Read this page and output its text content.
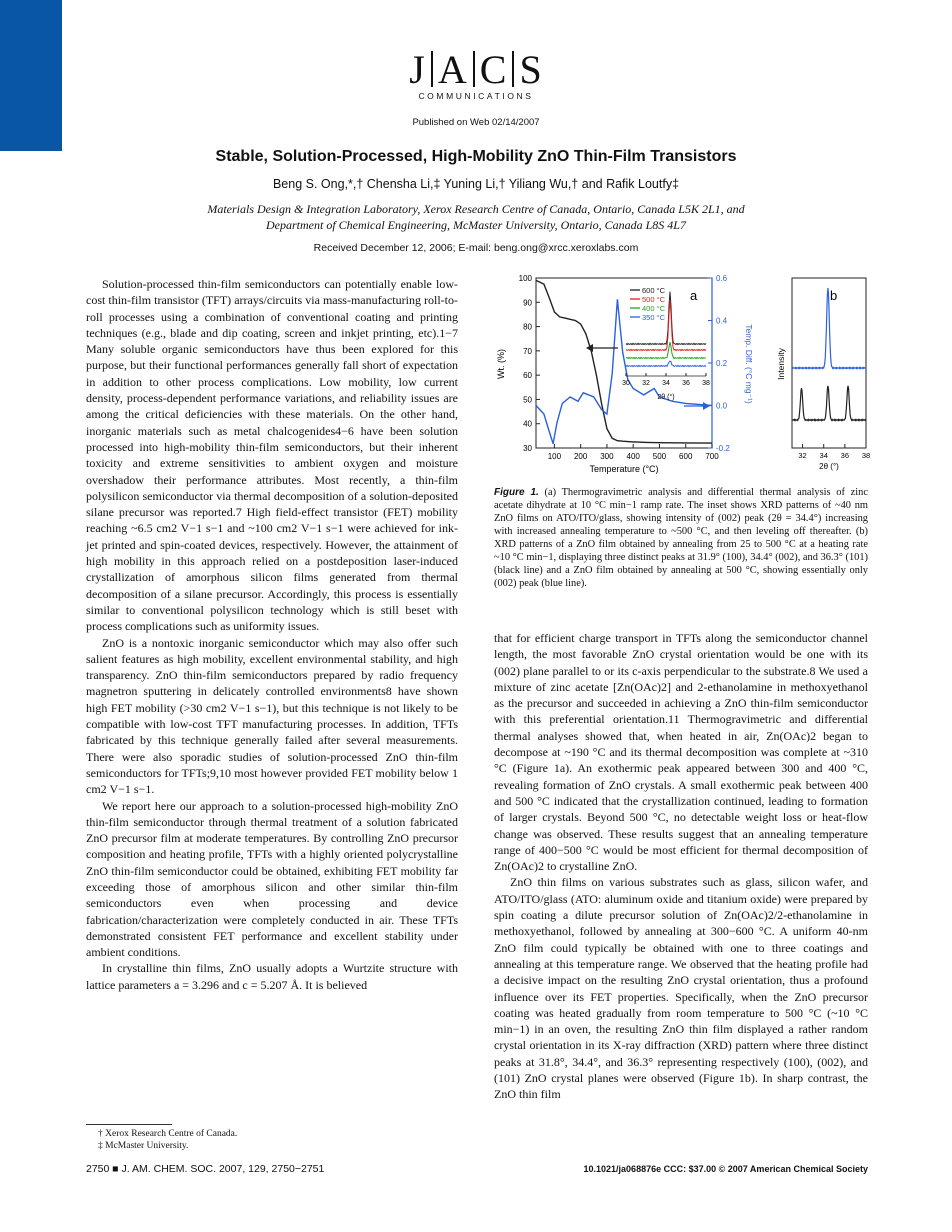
J A C S
COMMUNICATIONS
Published on Web 02/14/2007
Stable, Solution-Processed, High-Mobility ZnO Thin-Film Transistors
Beng S. Ong,*,† Chensha Li,‡ Yuning Li,† Yiliang Wu,† and Rafik Loutfy‡
Materials Design & Integration Laboratory, Xerox Research Centre of Canada, Ontario, Canada L5K 2L1, and
Department of Chemical Engineering, McMaster University, Ontario, Canada L8S 4L7
Received December 12, 2006; E-mail: beng.ong@xrcc.xeroxlabs.com

Solution-processed thin-film semiconductors can potentially enable low-cost thin-film transistor (TFT) arrays/circuits via mass-manufacturing roll-to-roll processes using a combination of conventional coating and printing techniques (e.g., blade and dip coating, screen and inkjet printing, etc).1−7 Many soluble organic semiconductors have thus been explored for this purpose, but their functional performances generally fall short of expectation in addition to other process complications. Low mobility, low current density, process-dependent performance variations, and reliability issues are among the critical deficiencies with these materials. On the other hand, inorganic materials such as metal chalcogenides4−6 have been solution processed into high-mobility thin-film semiconductors, but their inherent toxicity and extreme sensitivities to ambient oxygen and moisture overshadow their performance attributes. Most recently, a thin-film polysilicon semiconductor via thermal decomposition of a solution-deposited silane precursor was reported.7 High field-effect transistor (FET) mobility reaching ~6.5 cm2 V−1 s−1 and ~100 cm2 V−1 s−1 were achieved for ink-jet printed and spin-coated devices, respectively. However, the attainment of high mobility in this approach relied on a postdeposition laser-induced crystallization of amorphous silicon films generated from thermal decomposition of a silane precursor. Accordingly, this process is essentially similar to conventional polysilicon technology which is still beset with process complications such as uniformity issues.

ZnO is a nontoxic inorganic semiconductor which may also offer such salient features as high mobility, excellent environmental stability, and high transparency. ZnO thin-film semiconductors prepared by radio frequency magnetron sputtering in delicately controlled environments8 have shown high FET mobility (>30 cm2 V−1 s−1), but this technique is not likely to be compatible with low-cost TFT manufacturing processes. In addition, TFTs fabricated by this technique generally failed after several measurements. There were also sporadic studies of solution-processed ZnO thin-film semiconductors for TFTs;9,10 most however provided FET mobility below 1 cm2 V−1 s−1.

We report here our approach to a solution-processed high-mobility ZnO thin-film semiconductor through thermal treatment of a solution fabricated ZnO precursor film at moderate temperatures. By controlling ZnO precursor composition and heating profile, TFTs with a highly oriented polycrystalline ZnO thin-film semiconductor could be obtained, exhibiting FET mobility far exceeding those of amorphous silicon and other similar thin-film semiconductors even when processing and device fabrication/characterization were completely conducted in air. These TFTs demonstrated consistent FET performance and excellent stability under ambient conditions.

In crystalline thin films, ZnO usually adopts a Wurtzite structure with lattice parameters a = 3.296 and c = 5.207 Å. It is believed

a
Wt. (%)	Temp. Diff. (°C mg⁻¹)
Temperature (°C)
100
90
80
70
60
50
40
30
0.6
0.4
0.2
0.0
-0.2
100 200 300 400 500 600 700
30 32 34 36 38
2θ (°)
600 °C
500 °C
400 °C
350 °C
b
Intensity
2θ (°)
32 34 36 38
Figure 1. (a) Thermogravimetric analysis and differential thermal analysis of zinc acetate dihydrate at 10 °C min−1 ramp rate. The inset shows XRD patterns of ~40 nm ZnO films on ATO/ITO/glass, showing intensity of (002) peak (2θ = 34.4°) increasing with increased annealing temperature to ~500 °C, and then leveling off thereafter. (b) XRD patterns of a ZnO film obtained by annealing from 25 to 500 °C at a heating rate ~10 °C min−1, displaying three distinct peaks at 31.9° (100), 34.4° (002), and 36.3° (101) (black line) and a ZnO film obtained by annealing at 500 °C, showing essentially only (002) peak (blue line).

that for efficient charge transport in TFTs along the semiconductor channel length, the most favorable ZnO crystal orientation would be one with its (002) plane parallel to or its c-axis perpendicular to the substrate.8 We used a mixture of zinc acetate [Zn(OAc)2] and 2-ethanolamine in methoxyethanol as the precursor and succeeded in achieving a ZnO thin-film semiconductor with this preferential orientation.11 Thermogravimetric and differential thermal analyses showed that, when heated in air, Zn(OAc)2 began to decompose at ~190 °C and its thermal decomposition was complete at ~310 °C (Figure 1a). An exothermic peak appeared between 300 and 400 °C, revealing formation of ZnO crystals. A small exothermic peak between 400 and 500 °C indicated that the crystallization continued, leading to formation of larger crystals. Beyond 500 °C, no detectable weight loss or heat-flow change was observed. These results suggest that an annealing temperature range of 400−500 °C would be most efficient for thermal decomposition of Zn(OAc)2 to crystalline ZnO.

ZnO thin films on various substrates such as glass, silicon wafer, and ATO/ITO/glass (ATO: aluminum oxide and titanium oxide) were prepared by spin coating a dilute precursor solution of Zn(OAc)2/2-ethanolamine in methoxyethanol, followed by annealing at 300−600 °C. A uniform 40-nm ZnO film could typically be obtained with one to three coatings and annealing at this temperature range. We observed that the heating profile had a decisive impact on the resulting ZnO crystal orientation, thus a profound influence over its FET properties. Specifically, when the ZnO precursor coating was heated gradually from room temperature to 500 °C (~10 °C min−1) in an oven, the resulting ZnO thin film displayed a rather random crystal orientation in its X-ray diffraction (XRD) pattern where three distinct peaks at 31.8°, 34.4°, and 36.3° representing respectively (100), (002), and (101) ZnO crystal planes were observed (Figure 1b). In sharp contrast, the ZnO thin film

† Xerox Research Centre of Canada.
‡ McMaster University.
2750 ■ J. AM. CHEM. SOC. 2007, 129, 2750−2751	10.1021/ja068876e CCC: $37.00 © 2007 American Chemical Society
